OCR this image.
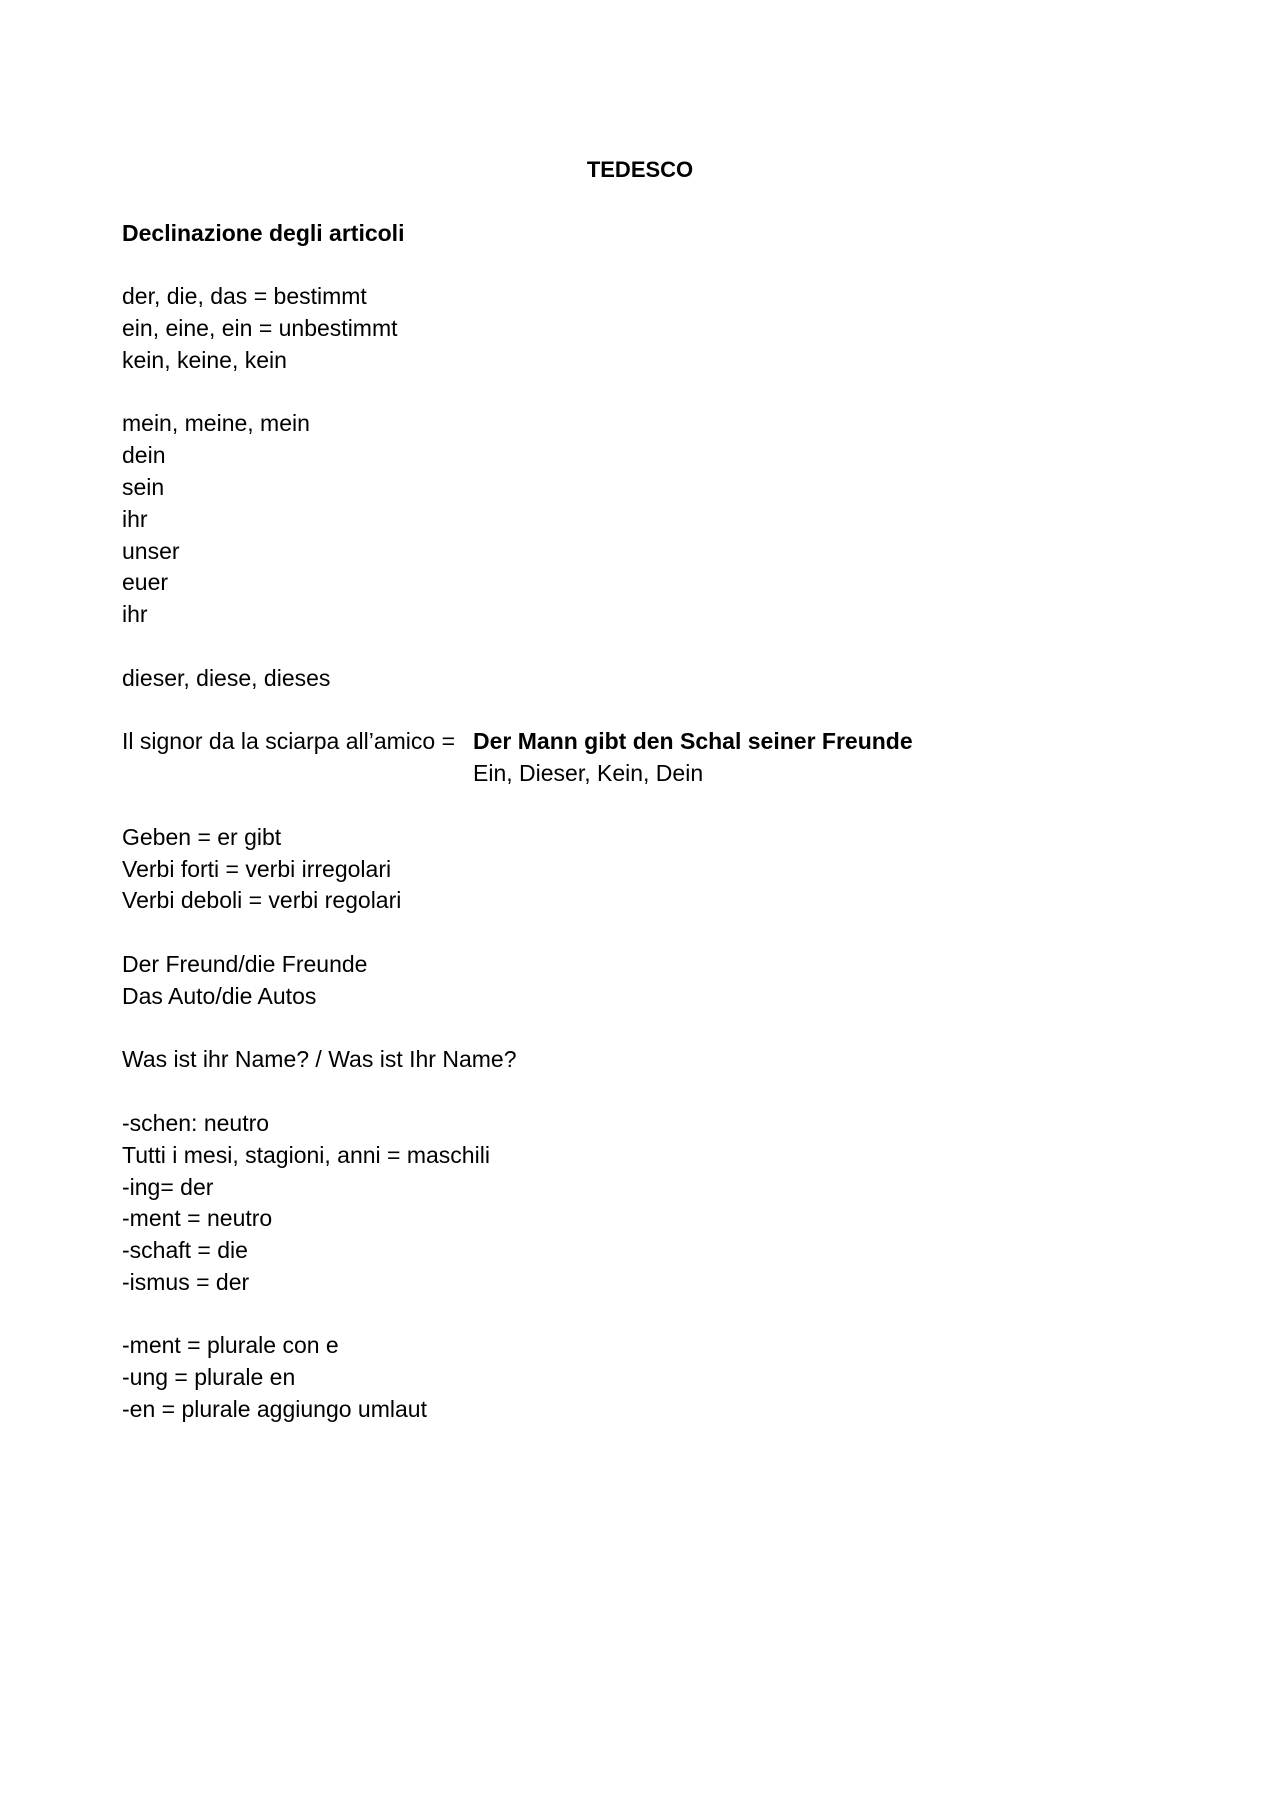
TEDESCO

Declinazione degli articoli

der, die, das = bestimmt

ein, eine, ein = unbestimmt

kein, keine, kein

mein, meine, mein

dein

sein

ihr

unser

euer

ihr

dieser, diese, dieses

Il signor da la sciarpa all’amico = Der Mann gibt den Schal seiner Freunde
Ein, Dieser, Kein, Dein

Geben = er gibt

Verbi forti = verbi irregolari

Verbi deboli = verbi regolari

Der Freund/die Freunde

Das Auto/die Autos

Was ist ihr Name? / Was ist Ihr Name?

-schen: neutro

Tutti i mesi, stagioni, anni = maschili

-ing= der

-ment = neutro

-schaft = die

-ismus = der

-ment = plurale con e

-ung = plurale en

-en = plurale aggiungo umlaut
